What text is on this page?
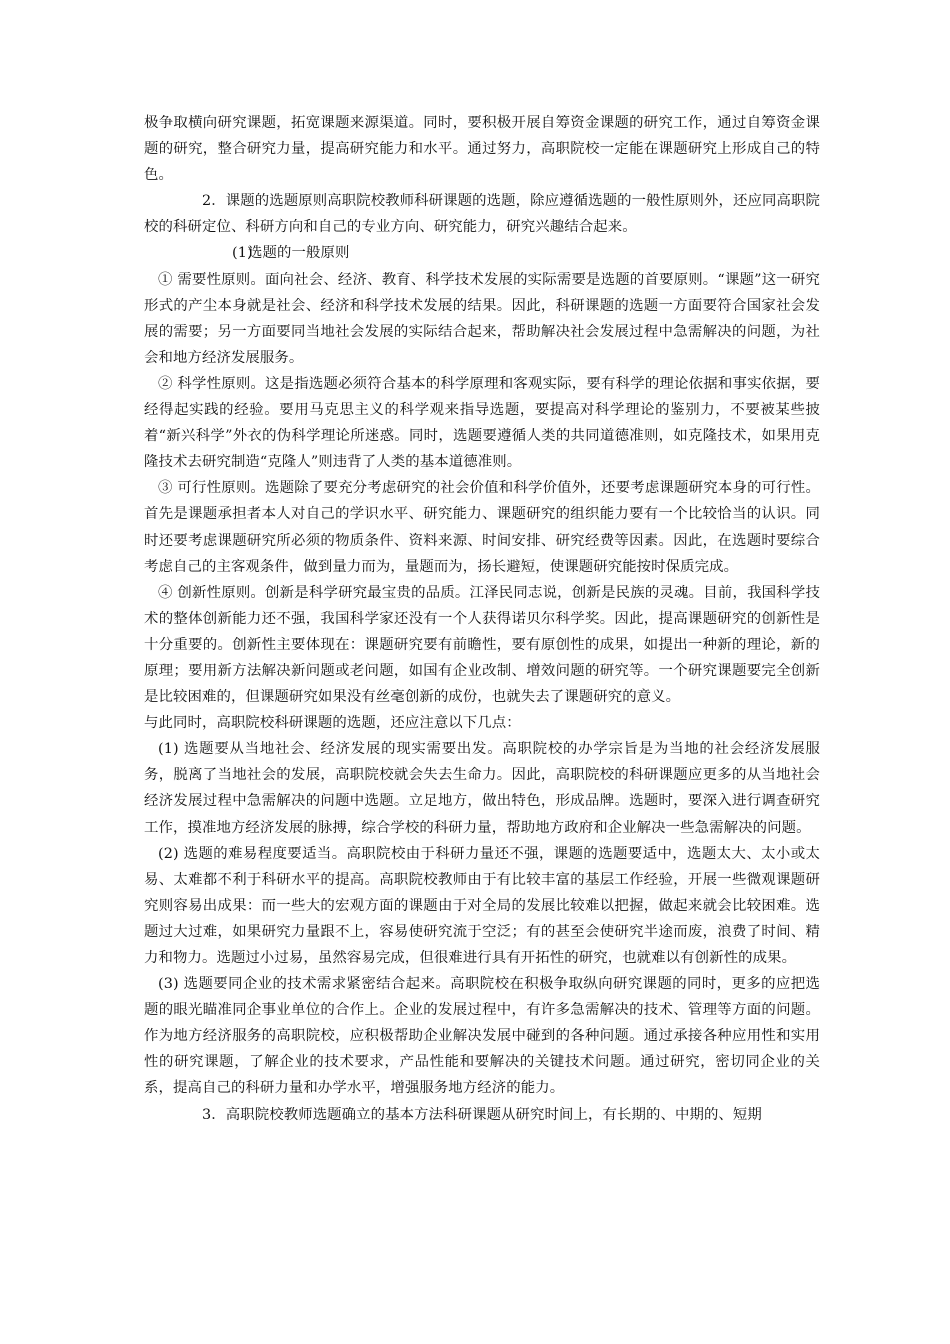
极争取横向研究课题，拓宽课题来源渠道。同时，要积极开展自筹资金课题的研究工作，通过自筹资金课题的研究，整合研究力量，提高研究能力和水平。通过努力，高职院校一定能在课题研究上形成自己的特色。

2．课题的选题原则高职院校教师科研课题的选题，除应遵循选题的一般性原则外，还应同高职院校的科研定位、科研方向和自己的专业方向、研究能力，研究兴趣结合起来。

(1)选题的一般原则

① 需要性原则。面向社会、经济、教育、科学技术发展的实际需要是选题的首要原则。“课题”这一研究形式的产尘本身就是社会、经济和科学技术发展的结果。因此，科研课题的选题一方面要符合国家社会发展的需要；另一方面要同当地社会发展的实际结合起来，帮助解决社会发展过程中急需解决的问题，为社会和地方经济发展服务。

② 科学性原则。这是指选题必须符合基本的科学原理和客观实际，要有科学的理论依据和事实依据，要经得起实践的经验。要用马克思主义的科学观来指导选题，要提高对科学理论的鉴别力，不要被某些披着“新兴科学”外衣的伪科学理论所迷惑。同时，选题要遵循人类的共同道德准则，如克隆技术，如果用克隆技术去研究制造“克隆人”则违背了人类的基本道德准则。

③ 可行性原则。选题除了要充分考虑研究的社会价值和科学价值外，还要考虑课题研究本身的可行性。首先是课题承担者本人对自己的学识水平、研究能力、课题研究的组织能力要有一个比较恰当的认识。同时还要考虑课题研究所必须的物质条件、资料来源、时间安排、研究经费等因素。因此，在选题时要综合考虑自己的主客观条件，做到量力而为，量题而为，扬长避短，使课题研究能按时保质完成。

④ 创新性原则。创新是科学研究最宝贵的品质。江泽民同志说，创新是民族的灵魂。目前，我国科学技术的整体创新能力还不强，我国科学家还没有一个人获得诺贝尔科学奖。因此，提高课题研究的创新性是十分重要的。创新性主要体现在：课题研究要有前瞻性，要有原创性的成果，如提出一种新的理论，新的原理；要用新方法解决新问题或老问题，如国有企业改制、增效问题的研究等。一个研究课题要完全创新是比较困难的，但课题研究如果没有丝毫创新的成份，也就失去了课题研究的意义。

与此同时，高职院校科研课题的选题，还应注意以下几点：

(1) 选题要从当地社会、经济发展的现实需要出发。高职院校的办学宗旨是为当地的社会经济发展服务，脱离了当地社会的发展，高职院校就会失去生命力。因此，高职院校的科研课题应更多的从当地社会经济发展过程中急需解决的问题中选题。立足地方，做出特色，形成品牌。选题时，要深入进行调查研究工作，摸准地方经济发展的脉搏，综合学校的科研力量，帮助地方政府和企业解决一些急需解决的问题。

(2) 选题的难易程度要适当。高职院校由于科研力量还不强，课题的选题要适中，选题太大、太小或太易、太难都不利于科研水平的提高。高职院校教师由于有比较丰富的基层工作经验，开展一些微观课题研究则容易出成果：而一些大的宏观方面的课题由于对全局的发展比较难以把握，做起来就会比较困难。选题过大过难，如果研究力量跟不上，容易使研究流于空泛；有的甚至会使研究半途而废，浪费了时间、精力和物力。选题过小过易，虽然容易完成，但很难进行具有开拓性的研究，也就难以有创新性的成果。

(3) 选题要同企业的技术需求紧密结合起来。高职院校在积极争取纵向研究课题的同时，更多的应把选题的眼光瞄准同企事业单位的合作上。企业的发展过程中，有许多急需解决的技术、管理等方面的问题。作为地方经济服务的高职院校，应积极帮助企业解决发展中碰到的各种问题。通过承接各种应用性和实用性的研究课题，了解企业的技术要求，产品性能和要解决的关键技术问题。通过研究，密切同企业的关系，提高自己的科研力量和办学水平，增强服务地方经济的能力。

3．高职院校教师选题确立的基本方法科研课题从研究时间上，有长期的、中期的、短期
